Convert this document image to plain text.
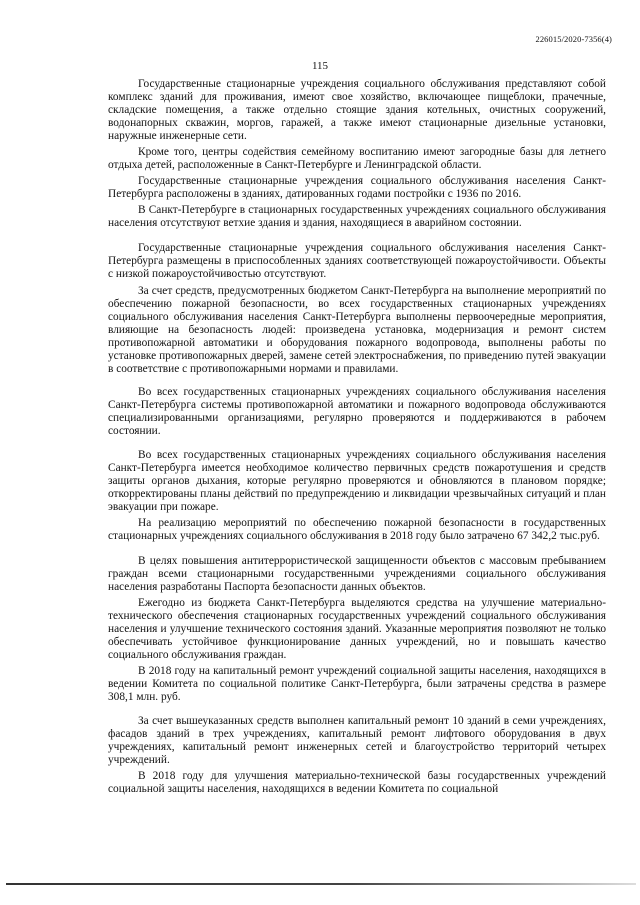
226015/2020-7356(4)
115

Государственные стационарные учреждения социального обслуживания представляют собой комплекс зданий для проживания, имеют свое хозяйство, включающее пищеблоки, прачечные, складские помещения, а также отдельно стоящие здания котельных, очистных сооружений, водонапорных скважин, моргов, гаражей, а также имеют стационарные дизельные установки, наружные инженерные сети.

Кроме того, центры содействия семейному воспитанию имеют загородные базы для летнего отдыха детей, расположенные в Санкт-Петербурге и Ленинградской области.

Государственные стационарные учреждения социального обслуживания населения Санкт-Петербурга расположены в зданиях, датированных годами постройки с 1936 по 2016.

В Санкт-Петербурге в стационарных государственных учреждениях социального обслуживания населения отсутствуют ветхие здания и здания, находящиеся в аварийном состоянии.

Государственные стационарные учреждения социального обслуживания населения Санкт-Петербурга размещены в приспособленных зданиях соответствующей пожароустойчивости. Объекты с низкой пожароустойчивостью отсутствуют.

За счет средств, предусмотренных бюджетом Санкт-Петербурга на выполнение мероприятий по обеспечению пожарной безопасности, во всех государственных стационарных учреждениях социального обслуживания населения Санкт-Петербурга выполнены первоочередные мероприятия, влияющие на безопасность людей: произведена установка, модернизация и ремонт систем противопожарной автоматики и оборудования пожарного водопровода, выполнены работы по установке противопожарных дверей, замене сетей электроснабжения, по приведению путей эвакуации в соответствие с противопожарными нормами и правилами.

Во всех государственных стационарных учреждениях социального обслуживания населения Санкт-Петербурга системы противопожарной автоматики и пожарного водопровода обслуживаются специализированными организациями, регулярно проверяются и поддерживаются в рабочем состоянии.

Во всех государственных стационарных учреждениях социального обслуживания населения Санкт-Петербурга имеется необходимое количество первичных средств пожаротушения и средств защиты органов дыхания, которые регулярно проверяются и обновляются в плановом порядке; откорректированы планы действий по предупреждению и ликвидации чрезвычайных ситуаций и план эвакуации при пожаре.

На реализацию мероприятий по обеспечению пожарной безопасности в государственных стационарных учреждениях социального обслуживания в 2018 году было затрачено 67 342,2 тыс.руб.

В целях повышения антитеррористической защищенности объектов с массовым пребыванием граждан всеми стационарными государственными учреждениями социального обслуживания населения разработаны Паспорта безопасности данных объектов.

Ежегодно из бюджета Санкт-Петербурга выделяются средства на улучшение материально-технического обеспечения стационарных государственных учреждений социального обслуживания населения и улучшение технического состояния зданий. Указанные мероприятия позволяют не только обеспечивать устойчивое функционирование данных учреждений, но и повышать качество социального обслуживания граждан.

В 2018 году на капитальный ремонт учреждений социальной защиты населения, находящихся в ведении Комитета по социальной политике Санкт-Петербурга, были затрачены средства в размере 308,1 млн. руб.

За счет вышеуказанных средств выполнен капитальный ремонт 10 зданий в семи учреждениях, фасадов зданий в трех учреждениях, капитальный ремонт лифтового оборудования в двух учреждениях, капитальный ремонт инженерных сетей и благоустройство территорий четырех учреждений.

В 2018 году для улучшения материально-технической базы государственных учреждений социальной защиты населения, находящихся в ведении Комитета по социальной
